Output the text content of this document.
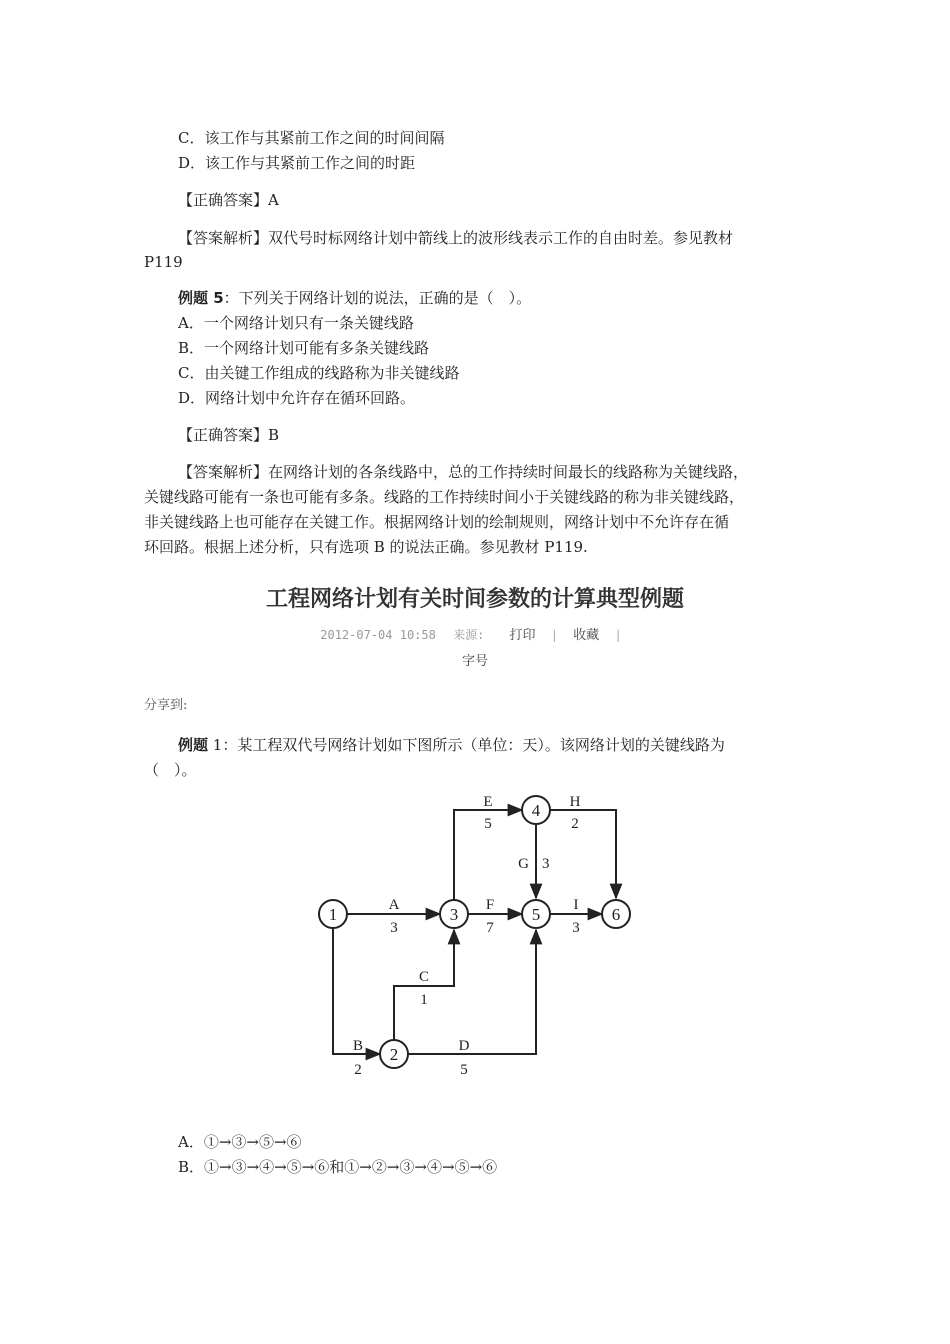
C．该工作与其紧前工作之间的时间间隔
D．该工作与其紧前工作之间的时距
【正确答案】A
【答案解析】双代号时标网络计划中箭线上的波形线表示工作的自由时差。参见教材
P119
例题 5：下列关于网络计划的说法，正确的是（　）。
A．一个网络计划只有一条关键线路
B．一个网络计划可能有多条关键线路
C．由关键工作组成的线路称为非关键线路
D．网络计划中允许存在循环回路。
【正确答案】B
【答案解析】在网络计划的各条线路中，总的工作持续时间最长的线路称为关键线路，
关键线路可能有一条也可能有多条。线路的工作持续时间小于关键线路的称为非关键线路，
非关键线路上也可能存在关键工作。根据网络计划的绘制规则，网络计划中不允许存在循
环回路。根据上述分析，只有选项 B 的说法正确。参见教材 P119.
工程网络计划有关时间参数的计算典型例题
2012-07-04 10:58 来源: 打印 | 收藏 |
字号
分享到:
例题 1：某工程双代号网络计划如下图所示（单位：天）。该网络计划的关键线路为
（　）。
1
2
3
4
5	6
A
3
B
2
C
1
D
5
E
5
F
7
G 3
H
2
I
3
A．①→③→⑤→⑥
B．①→③→④→⑤→⑥和①→②→③→④→⑤→⑥
